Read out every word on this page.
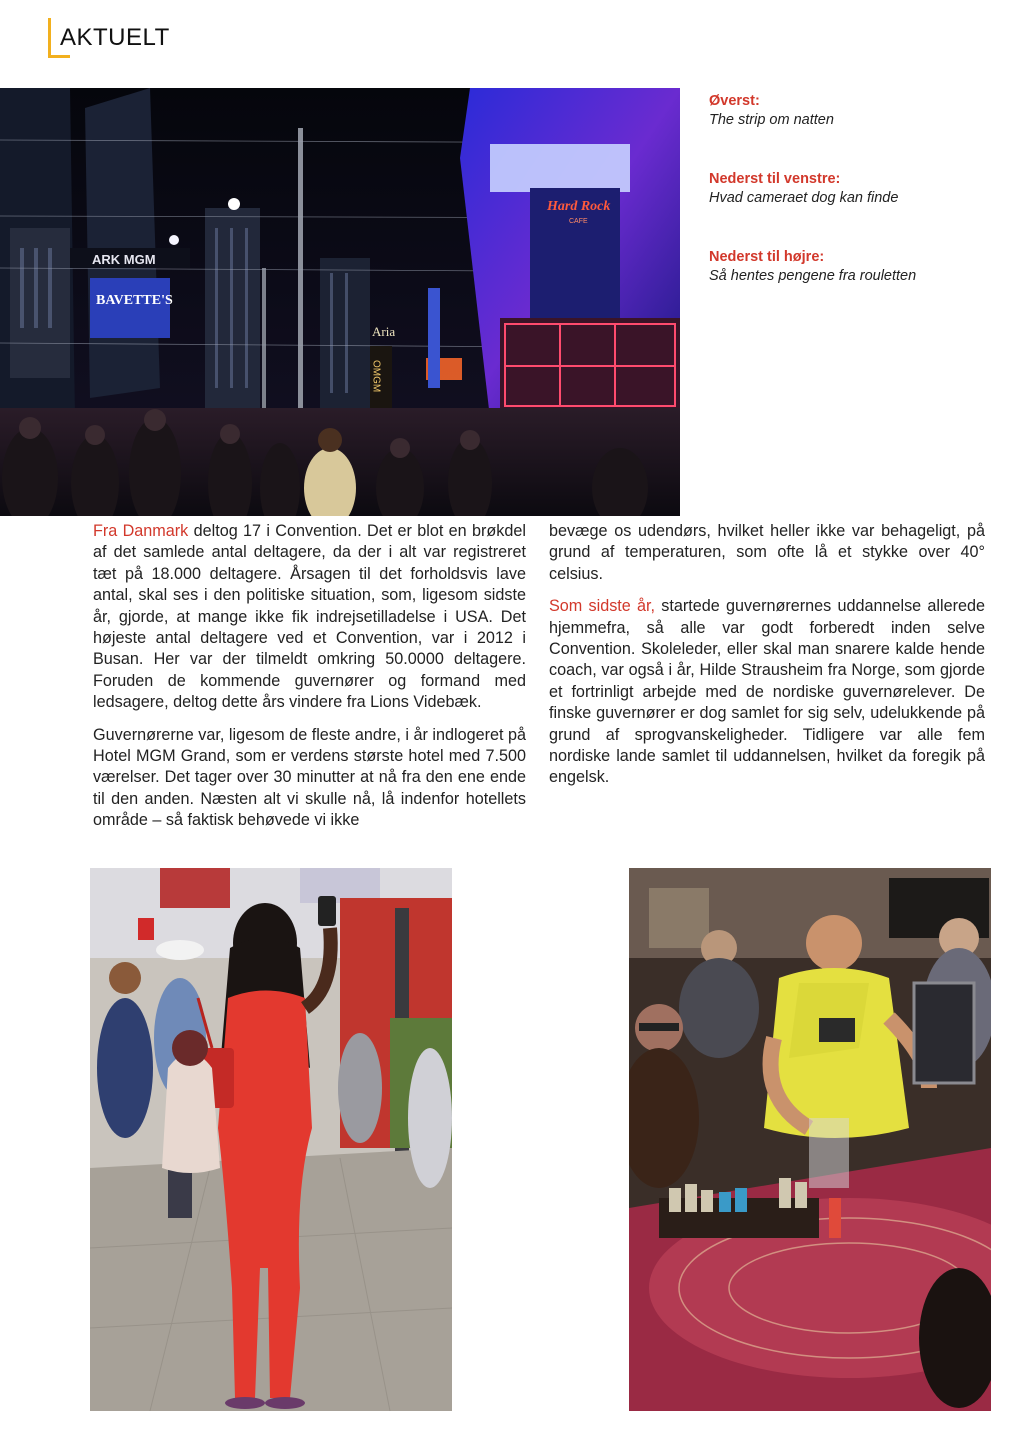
AKTUELT
ARK MGM
BAVETTE'S
Aria
OMGM
Hard Rock
CAFE
Øverst:
The strip om natten
Nederst til venstre:
Hvad cameraet dog kan finde
Nederst til højre:
Så hentes pengene fra rouletten

Fra Danmark deltog 17 i Convention. Det er blot en brøkdel af det samlede antal deltagere, da der i alt var registreret tæt på 18.000 deltagere. Årsagen til det forholdsvis lave antal, skal ses i den politiske situation, som, ligesom sidste år, gjorde, at mange ikke fik indrejsetilladelse i USA. Det højeste antal deltagere ved et Convention, var i 2012 i Busan. Her var der tilmeldt omkring 50.0000 deltagere. Foruden de kommende guvernører og formand med ledsagere, deltog dette års vindere fra Lions Videbæk.

Guvernørerne var, ligesom de fleste andre, i år indlogeret på Hotel MGM Grand, som er verdens største hotel med 7.500 værelser. Det tager over 30 minutter at nå fra den ene ende til den anden. Næsten alt vi skulle nå, lå indenfor hotellets område – så faktisk behøvede vi ikke

bevæge os udendørs, hvilket heller ikke var behageligt, på grund af temperaturen, som ofte lå et stykke over 40° celsius.

Som sidste år, startede guvernørernes uddannelse allerede hjemmefra, så alle var godt forberedt inden selve Convention. Skoleleder, eller skal man snarere kalde hende coach, var også i år, Hilde Strausheim fra Norge, som gjorde et fortrinligt arbejde med de nordiske guvernørelever. De finske guvernører er dog samlet for sig selv, udelukkende på grund af sprogvanskeligheder. Tidligere var alle fem nordiske lande samlet til uddannelsen, hvilket da foregik på engelsk.
